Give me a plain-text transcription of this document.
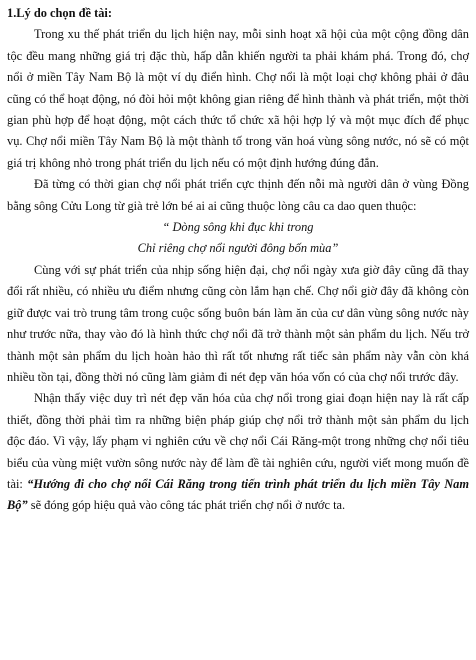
1.Lý do chọn đề tài:

Trong xu thế phát triển du lịch hiện nay, mỗi sinh hoạt xã hội của một cộng đồng dân tộc đều mang những giá trị đặc thù, hấp dẫn khiến người ta phải khám phá. Trong đó, chợ nổi ở miền Tây Nam Bộ là một ví dụ điển hình. Chợ nổi là một loại chợ không phải ở đâu cũng có thể hoạt động, nó đòi hỏi một không gian riêng để hình thành và phát triển, một thời gian phù hợp để hoạt động, một cách thức tổ chức xã hội hợp lý và một mục đích để phục vụ. Chợ nổi miền Tây Nam Bộ là một thành tố trong văn hoá vùng sông nước, nó sẽ có một giá trị không nhỏ trong phát triển du lịch nếu có một định hướng đúng đắn.

Đã từng có thời gian chợ nổi phát triển cực thịnh đến nỗi mà người dân ở vùng Đồng bằng sông Cửu Long từ già trẻ lớn bé ai ai cũng thuộc lòng câu ca dao quen thuộc:

“ Dòng sông khi đục khi trong

Chỉ riêng chợ nổi người đông bốn mùa”

Cùng với sự phát triển của nhịp sống hiện đại, chợ nổi ngày xưa giờ đây cũng đã thay đổi rất nhiều, có nhiều ưu điểm nhưng cũng còn lắm hạn chế. Chợ nổi giờ đây đã không còn giữ được vai trò trung tâm trong cuộc sống buôn bán làm ăn của cư dân vùng sông nước này như trước nữa, thay vào đó là hình thức chợ nổi đã trở thành một sản phẩm du lịch. Nếu trở thành một sản phẩm du lịch hoàn hảo thì rất tốt nhưng rất tiếc sản phẩm này vẫn còn khá nhiều tồn tại, đồng thời nó cũng làm giảm đi nét đẹp văn hóa vốn có của chợ nổi trước đây.

Nhận thấy việc duy trì nét đẹp văn hóa của chợ nổi trong giai đoạn hiện nay là rất cấp thiết, đồng thời phải tìm ra những biện pháp giúp chợ nổi trở thành một sản phẩm du lịch độc đáo. Vì vậy, lấy phạm vi nghiên cứu về chợ nổi Cái Răng-một trong những chợ nổi tiêu biểu của vùng miệt vườn sông nước này để làm đề tài nghiên cứu, người viết mong muốn đề tài: “Hướng đi cho chợ nổi Cái Răng trong tiến trình phát triển du lịch miền Tây Nam Bộ” sẽ đóng góp hiệu quả vào công tác phát triển chợ nổi ở nước ta.
